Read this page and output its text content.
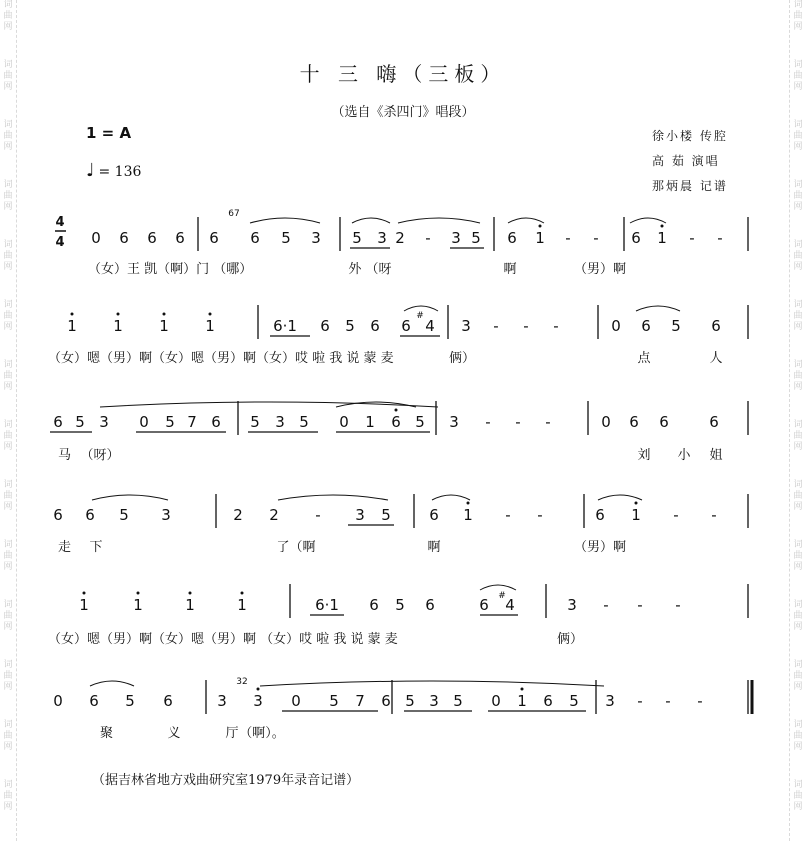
词
曲
网
词
曲
网
词
曲
网
词
曲
网
词
曲
网
词
曲
网
词
曲
网
词
曲
网
词
曲
网
词
曲
网
词
曲
网
词
曲
网
词
曲
网
词
曲
网
词
曲
网
词
曲
网
词
曲
网
词
曲
网
词
曲
网
词
曲
网
词
曲
网
词
曲
网
词
曲
网
词
曲
网
词
曲
网
词
曲
网
词
曲
网
词
曲
网
十 三 嗨（三板）
（选自《杀四门》唱段）
1 = A
♩ = 136
徐小楼 传腔
高 茹 演唱
那炳晨 记谱
4
4 0 6 6 6 6 6 5 3 5 3 2 - 3 5 6 1 - - 6 1 - -
67
（女）王 凯（啊）门 （哪）	外 （呀	啊	（男）啊
1 1 1 1	6·1 6 5 6 6 4 3 - - -	0 6 5 6
#
（女）嗯（男）啊（女）嗯（男）啊（女）哎 啦 我 说 蒙 麦	俩）	点	人
6 5 3 0 5 7 6 5 3 5 0 1 6 5 3 - - -	0 6 6	6
马 （呀）	刘 小 姐
6 6 5 3	2 2 - 3 5	6 1 - -	6 1 - -
走 下	了（啊	啊	（男）啊
1	1	1	1	6·1 6 5 6	6 4	3 - - -
#
（女）嗯（男）啊（女）嗯（男）啊 （女）哎 啦 我 说 蒙 麦	俩）
0 6 5 6	3 3 0 5 7 6 5 3 5 0 1 6 5 3 - - -
32
聚	义	厅 （啊）。
（据吉林省地方戏曲研究室1979年录音记谱）
